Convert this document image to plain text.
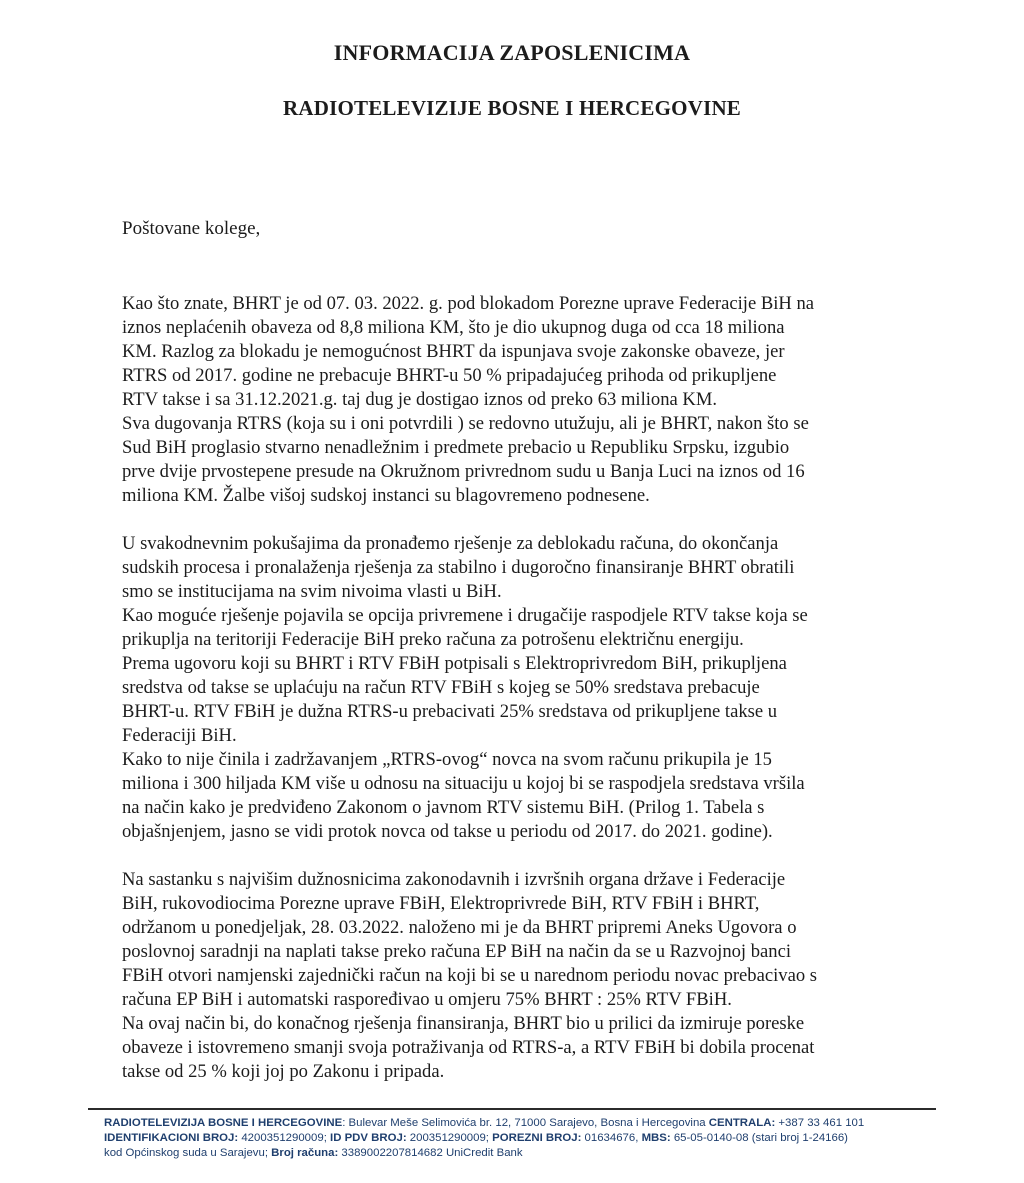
INFORMACIJA ZAPOSLENICIMA
RADIOTELEVIZIJE BOSNE I HERCEGOVINE
Poštovane kolege,
Kao što znate, BHRT je od 07. 03. 2022. g. pod blokadom Porezne uprave Federacije BiH na
iznos neplaćenih obaveza od 8,8 miliona KM, što je dio ukupnog duga od cca 18 miliona
KM. Razlog za blokadu je nemogućnost BHRT da ispunjava svoje zakonske obaveze, jer
RTRS od 2017. godine ne prebacuje BHRT-u 50 % pripadajućeg prihoda od prikupljene
RTV takse i sa 31.12.2021.g. taj dug je dostigao iznos od preko 63 miliona KM.
Sva dugovanja RTRS (koja su i oni potvrdili ) se redovno utužuju, ali je BHRT, nakon što se
Sud BiH proglasio stvarno nenadležnim i predmete prebacio u Republiku Srpsku, izgubio
prve dvije prvostepene presude na Okružnom privrednom sudu u Banja Luci na iznos od 16
miliona KM. Žalbe višoj sudskoj instanci su blagovremeno podnesene.
U svakodnevnim pokušajima da pronađemo rješenje za deblokadu računa, do okončanja
sudskih procesa i pronalaženja rješenja za stabilno i dugoročno finansiranje BHRT obratili
smo se institucijama na svim nivoima vlasti u BiH.
Kao moguće rješenje pojavila se opcija privremene i drugačije raspodjele RTV takse koja se
prikuplja na teritoriji Federacije BiH preko računa za potrošenu električnu energiju.
Prema ugovoru koji su BHRT i RTV FBiH potpisali s Elektroprivredom BiH, prikupljena
sredstva od takse se uplaćuju na račun RTV FBiH s kojeg se 50% sredstava prebacuje
BHRT-u. RTV FBiH je dužna RTRS-u prebacivati 25% sredstava od prikupljene takse u
Federaciji BiH.
Kako to nije činila i zadržavanjem „RTRS-ovog“ novca na svom računu prikupila je 15
miliona i 300 hiljada KM više u odnosu na situaciju u kojoj bi se raspodjela sredstava vršila
na način kako je predviđeno Zakonom o javnom RTV sistemu BiH. (Prilog 1. Tabela s
objašnjenjem, jasno se vidi protok novca od takse u periodu od 2017. do 2021. godine).
Na sastanku s najvišim dužnosnicima zakonodavnih i izvršnih organa države i Federacije
BiH, rukovodiocima Porezne uprave FBiH, Elektroprivrede BiH, RTV FBiH i BHRT,
održanom u ponedjeljak, 28. 03.2022. naloženo mi je da BHRT pripremi Aneks Ugovora o
poslovnoj saradnji na naplati takse preko računa EP BiH na način da se u Razvojnoj banci
FBiH otvori namjenski zajednički račun na koji bi se u narednom periodu novac prebacivao s
računa EP BiH i automatski raspoređivao u omjeru 75% BHRT : 25% RTV FBiH.
Na ovaj način bi, do konačnog rješenja finansiranja, BHRT bio u prilici da izmiruje poreske
obaveze i istovremeno smanji svoja potraživanja od RTRS-a, a RTV FBiH bi dobila procenat
takse od 25 % koji joj po Zakonu i pripada.
RADIOTELEVIZIJA BOSNE I HERCEGOVINE: Bulevar Meše Selimovića br. 12, 71000 Sarajevo, Bosna i Hercegovina CENTRALA: +387 33 461 101
IDENTIFIKACIONI BROJ: 4200351290009; ID PDV BROJ: 200351290009; POREZNI BROJ: 01634676, MBS: 65-05-0140-08 (stari broj 1-24166)
kod Općinskog suda u Sarajevu; Broj računa: 3389002207814682 UniCredit Bank
